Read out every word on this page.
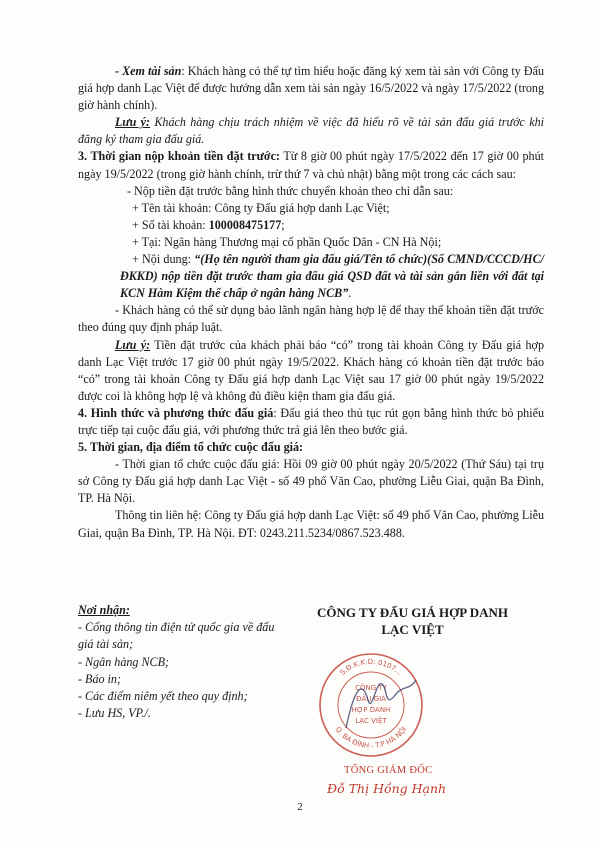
- Xem tài sản: Khách hàng có thể tự tìm hiểu hoặc đăng ký xem tài sản với Công ty Đấu giá hợp danh Lạc Việt để được hướng dẫn xem tài sản ngày 16/5/2022 và ngày 17/5/2022 (trong giờ hành chính).

Lưu ý: Khách hàng chịu trách nhiệm về việc đã hiểu rõ về tài sản đấu giá trước khi đăng ký tham gia đấu giá.

3. Thời gian nộp khoản tiền đặt trước: Từ 8 giờ 00 phút ngày 17/5/2022 đến 17 giờ 00 phút ngày 19/5/2022 (trong giờ hành chính, trừ thứ 7 và chủ nhật) bằng một trong các cách sau:

- Nộp tiền đặt trước bằng hình thức chuyển khoản theo chỉ dẫn sau:

+ Tên tài khoản: Công ty Đấu giá hợp danh Lạc Việt;

+ Số tài khoản: 100008475177;

+ Tại: Ngân hàng Thương mại cổ phần Quốc Dân - CN Hà Nội;

+ Nội dung: “(Họ tên người tham gia đấu giá/Tên tổ chức)(Số CMND/CCCD/HC/ĐKKD) nộp tiền đặt trước tham gia đấu giá QSD đất và tài sản gắn liền với đất tại KCN Hàm Kiệm thế chấp ở ngân hàng NCB”.

- Khách hàng có thể sử dụng bảo lãnh ngân hàng hợp lệ để thay thế khoản tiền đặt trước theo đúng quy định pháp luật.

Lưu ý: Tiền đặt trước của khách phải báo “có” trong tài khoản Công ty Đấu giá hợp danh Lạc Việt trước 17 giờ 00 phút ngày 19/5/2022. Khách hàng có khoản tiền đặt trước báo “có” trong tài khoản Công ty Đấu giá hợp danh Lạc Việt sau 17 giờ 00 phút ngày 19/5/2022 được coi là không hợp lệ và không đủ điều kiện tham gia đấu giá.

4. Hình thức và phương thức đấu giá: Đấu giá theo thủ tục rút gọn bằng hình thức bỏ phiếu trực tiếp tại cuộc đấu giá, với phương thức trả giá lên theo bước giá.

5. Thời gian, địa điểm tổ chức cuộc đấu giá:

- Thời gian tổ chức cuộc đấu giá: Hồi 09 giờ 00 phút ngày 20/5/2022 (Thứ Sáu) tại trụ sở Công ty Đấu giá hợp danh Lạc Việt - số 49 phố Văn Cao, phường Liễu Giai, quận Ba Đình, TP. Hà Nội.

Thông tin liên hệ: Công ty Đấu giá hợp danh Lạc Việt: số 49 phố Văn Cao, phường Liễu Giai, quận Ba Đình, TP. Hà Nội. ĐT: 0243.211.5234/0867.523.488.

Nơi nhận:
- Cổng thông tin điện tử quốc gia về đấu giá tài sản;
- Ngân hàng NCB;
- Báo in;
- Các điểm niêm yết theo quy định;
- Lưu HS, VP./.
CÔNG TY ĐẤU GIÁ HỢP DANH
LẠC VIỆT
S.Đ.K.K.D: 0107...
Q. BA ĐÌNH - T.P HÀ NỘI
CÔNG TY
ĐẤU GIÁ
HỢP DANH
LẠC VIỆT
TỔNG GIÁM ĐỐC
Đỗ Thị Hồng Hạnh
2
